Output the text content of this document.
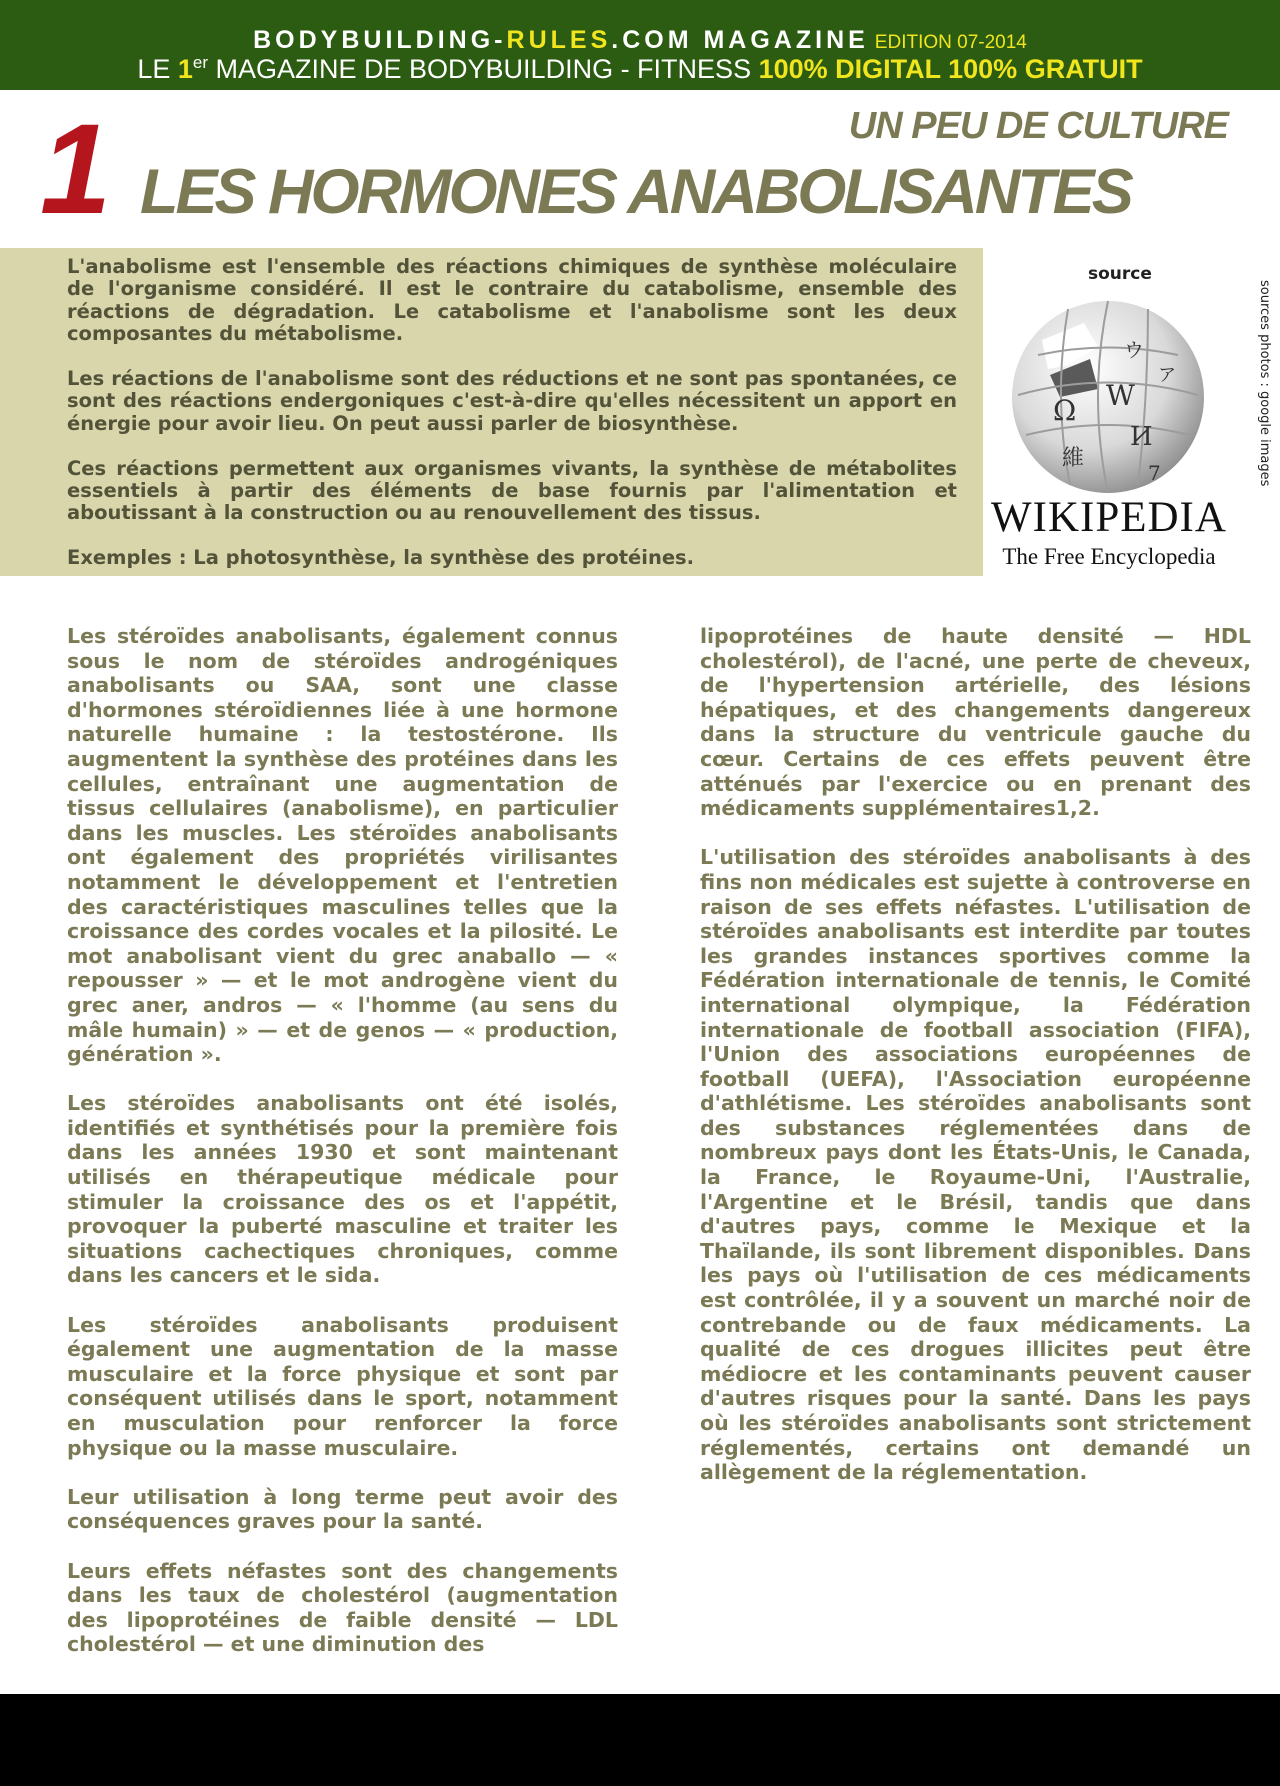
BODYBUILDING-RULES.COM MAGAZINE EDITION 07-2014
LE 1er MAGAZINE DE BODYBUILDING - FITNESS 100% DIGITAL 100% GRATUIT
1	UN PEU DE CULTURE
LES HORMONES ANABOLISANTES

L'anabolisme est l'ensemble des réactions chimiques de synthèse moléculaire de l'organisme considéré. Il est le contraire du catabolisme, ensemble des réactions de dégradation. Le catabolisme et l'anabolisme sont les deux composantes du métabolisme.

Les réactions de l'anabolisme sont des réductions et ne sont pas spontanées, ce sont des réactions endergoniques c'est-à-dire qu'elles nécessitent un apport en énergie pour avoir lieu. On peut aussi parler de biosynthèse.

Ces réactions permettent aux organismes vivants, la synthèse de métabolites essentiels à partir des éléments de base fournis par l'alimentation et aboutissant à la construction ou au renouvellement des tissus.

Exemples : La photosynthèse, la synthèse des protéines.

source
Ω W
И
維
ウ
7
ア
WIKIPEDIA
The Free Encyclopedia
sources photos : google images

Les stéroïdes anabolisants, également connus sous le nom de stéroïdes androgéniques anabolisants ou SAA, sont une classe d'hormones stéroïdiennes liée à une hormone naturelle humaine : la testostérone. Ils augmentent la synthèse des protéines dans les cellules, entraînant une augmentation de tissus cellulaires (anabolisme), en particulier dans les muscles. Les stéroïdes anabolisants ont également des propriétés virilisantes notamment le développement et l'entretien des caractéristiques masculines telles que la croissance des cordes vocales et la pilosité. Le mot anabolisant vient du grec anaballo — « repousser » — et le mot androgène vient du grec aner, andros — « l'homme (au sens du mâle humain) » — et de genos — « production, génération ».

Les stéroïdes anabolisants ont été isolés, identifiés et synthétisés pour la première fois dans les années 1930 et sont maintenant utilisés en thérapeutique médicale pour stimuler la croissance des os et l'appétit, provoquer la puberté masculine et traiter les situations cachectiques chroniques, comme dans les cancers et le sida.

Les stéroïdes anabolisants produisent également une augmentation de la masse musculaire et la force physique et sont par conséquent utilisés dans le sport, notamment en musculation pour renforcer la force physique ou la masse musculaire.

Leur utilisation à long terme peut avoir des conséquences graves pour la santé.

Leurs effets néfastes sont des changements dans les taux de cholestérol (augmentation des lipoprotéines de faible densité — LDL cholestérol — et une diminution des

lipoprotéines de haute densité — HDL cholestérol), de l'acné, une perte de cheveux, de l'hypertension artérielle, des lésions hépatiques, et des changements dangereux dans la structure du ventricule gauche du cœur. Certains de ces effets peuvent être atténués par l'exercice ou en prenant des médicaments supplémentaires1,2.

L'utilisation des stéroïdes anabolisants à des fins non médicales est sujette à controverse en raison de ses effets néfastes. L'utilisation de stéroïdes anabolisants est interdite par toutes les grandes instances sportives comme la Fédération internationale de tennis, le Comité international olympique, la Fédération internationale de football association (FIFA), l'Union des associations européennes de football (UEFA), l'Association européenne d'athlétisme. Les stéroïdes anabolisants sont des substances réglementées dans de nombreux pays dont les États-Unis, le Canada, la France, le Royaume-Uni, l'Australie, l'Argentine et le Brésil, tandis que dans d'autres pays, comme le Mexique et la Thaïlande, ils sont librement disponibles. Dans les pays où l'utilisation de ces médicaments est contrôlée, il y a souvent un marché noir de contrebande ou de faux médicaments. La qualité de ces drogues illicites peut être médiocre et les contaminants peuvent causer d'autres risques pour la santé. Dans les pays où les stéroïdes anabolisants sont strictement réglementés, certains ont demandé un allègement de la réglementation.
